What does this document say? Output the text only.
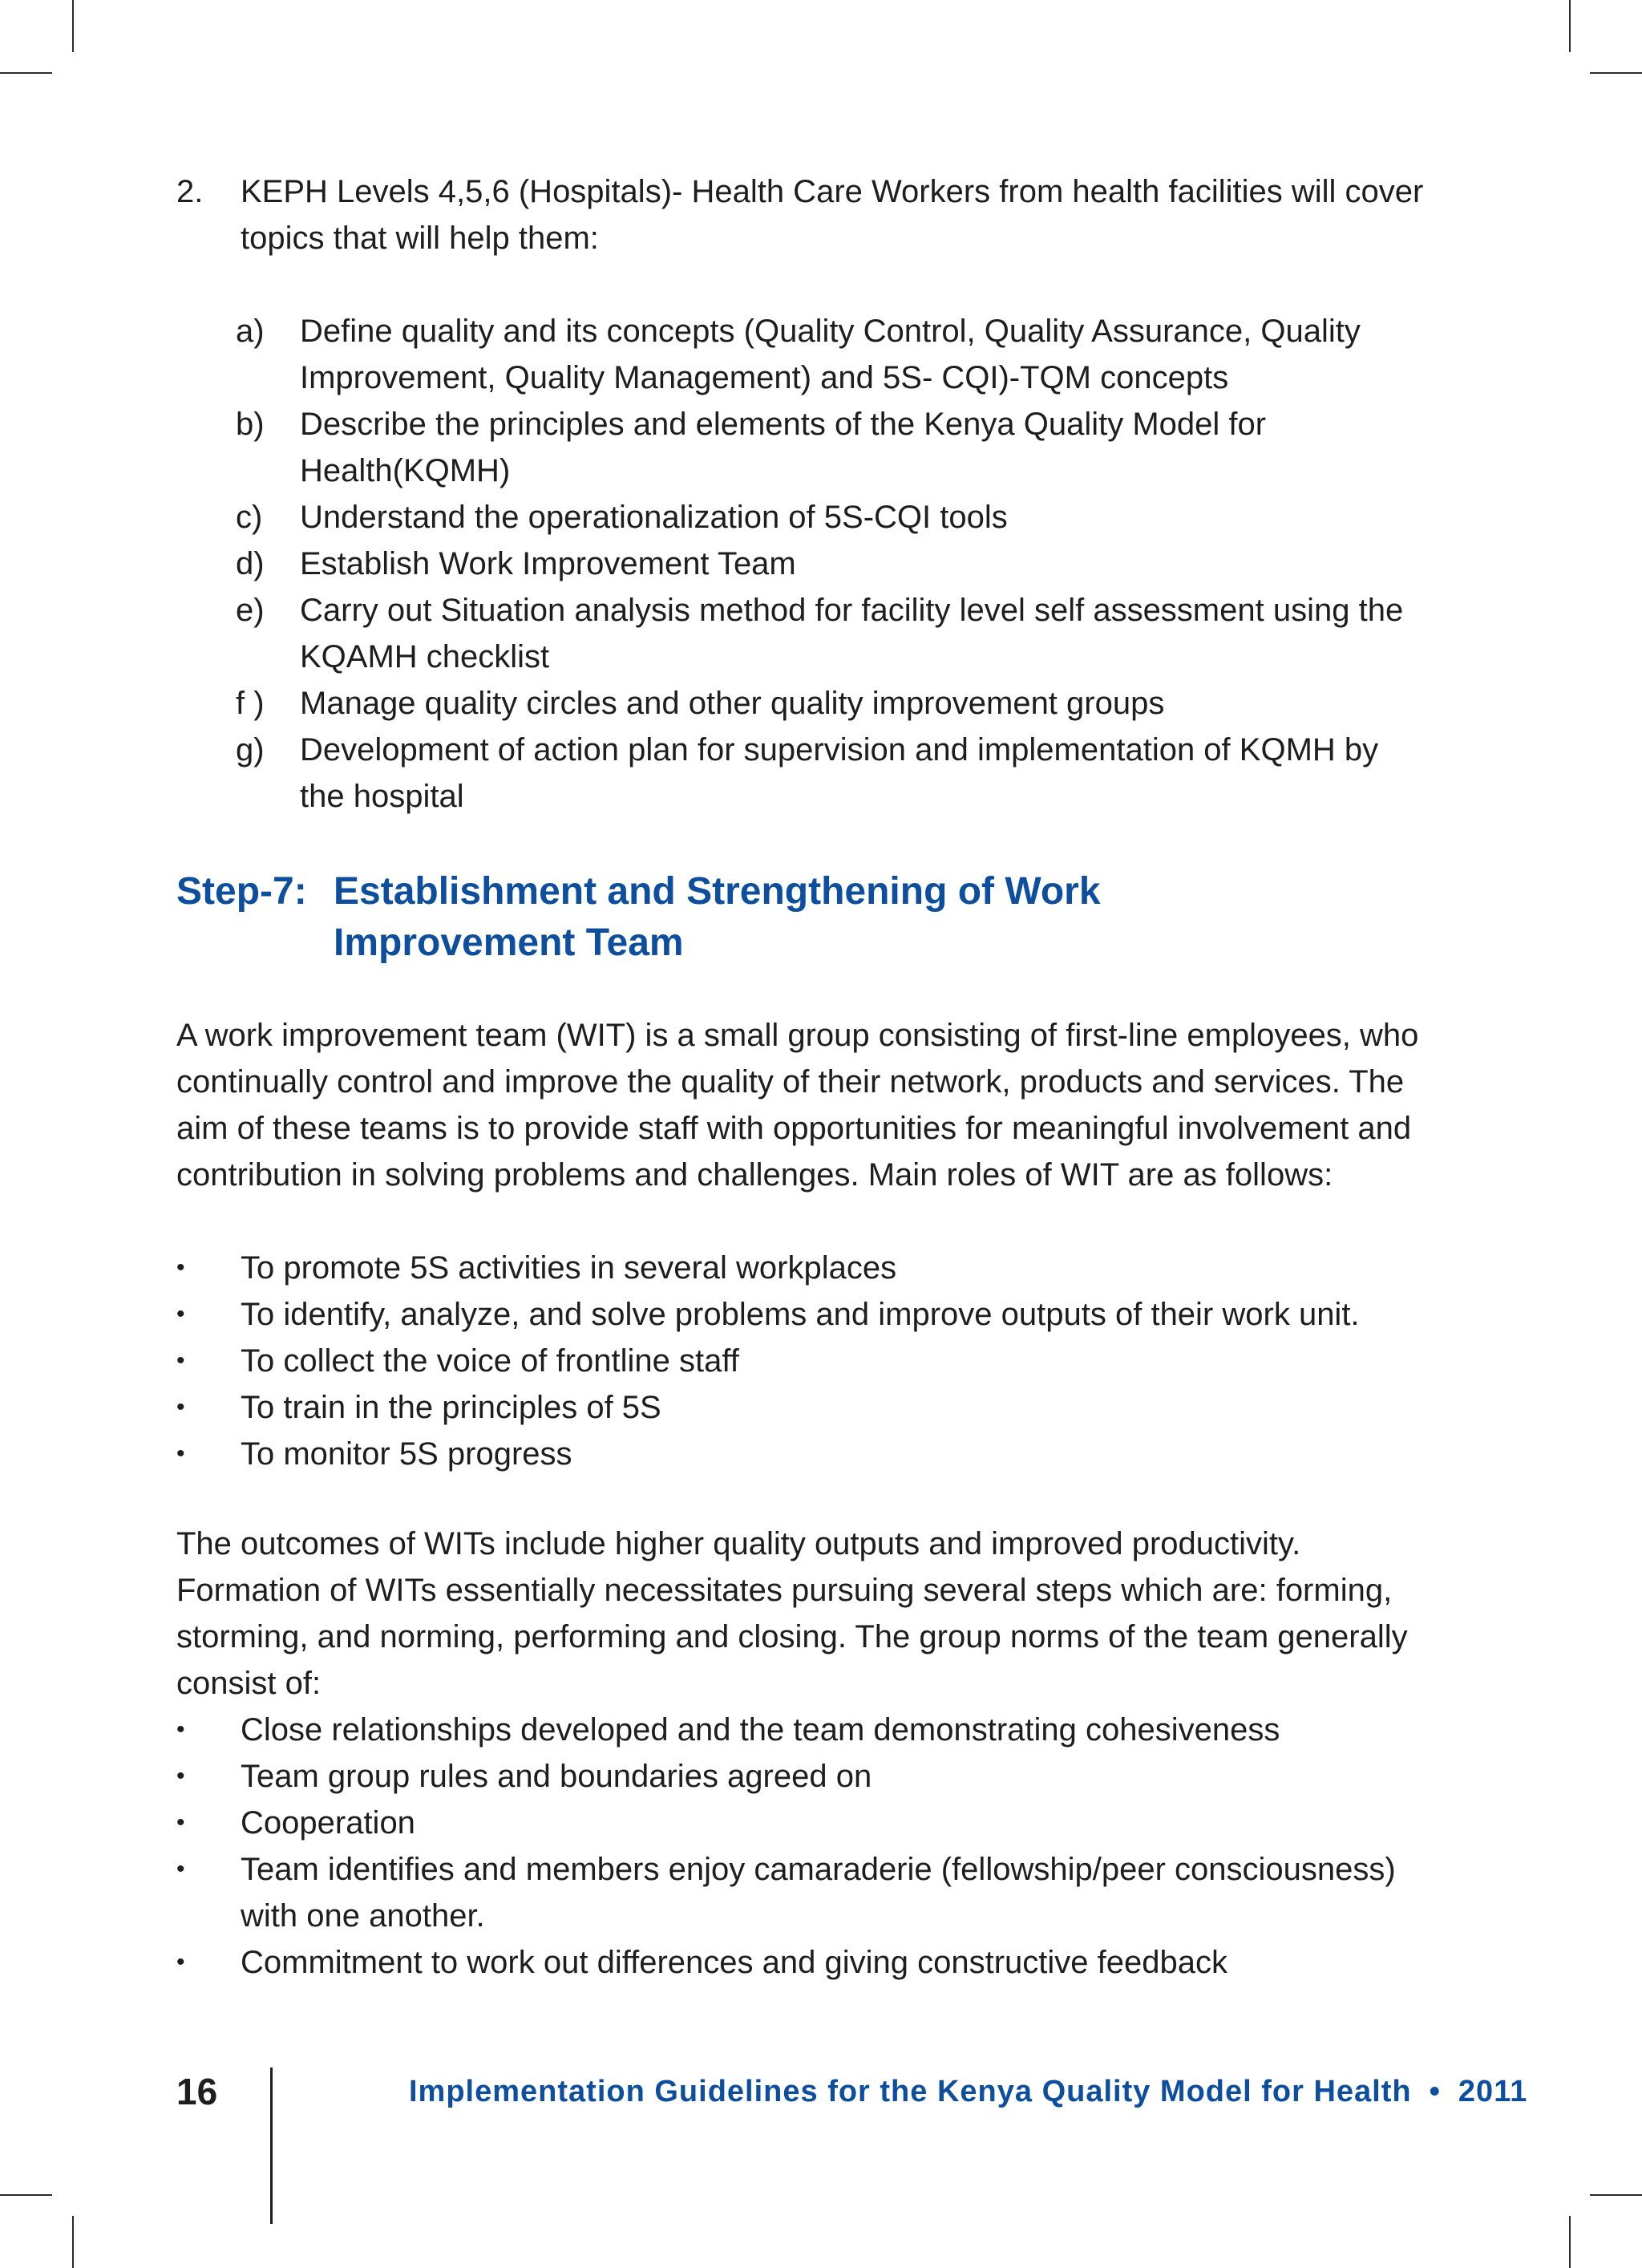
2.	KEPH Levels 4,5,6 (Hospitals)- Health Care Workers from health facilities will cover topics that will help them:
a)	Define quality and its concepts (Quality Control, Quality Assurance, Quality Improvement, Quality Management) and 5S- CQI)-TQM concepts
b)	Describe the principles and elements of the Kenya Quality Model for Health(KQMH)
c)	Understand the operationalization of 5S-CQI tools
d)	Establish Work Improvement Team
e)	Carry out Situation analysis method for facility level self assessment using the KQAMH checklist
f )	Manage quality circles and other quality improvement groups
g)	Development of action plan for supervision and implementation of KQMH by the hospital
Step-7: Establishment and Strengthening of Work Improvement Team
A work improvement team (WIT) is a small group consisting of first-line employees, who continually control and improve the quality of their network, products and services. The aim of these teams is to provide staff with opportunities for meaningful involvement and contribution in solving problems and challenges. Main roles of WIT are as follows:
•	To promote 5S activities in several workplaces
•	To identify, analyze, and solve problems and improve outputs of their work unit.
•	To collect the voice of frontline staff
•	To train in the principles of 5S
•	To monitor 5S progress
The outcomes of WITs include higher quality outputs and improved productivity. Formation of WITs essentially necessitates pursuing several steps which are: forming, storming, and norming, performing and closing. The group norms of the team generally consist of:
•	Close relationships developed and the team demonstrating cohesiveness
•	Team group rules and boundaries agreed on
•	Cooperation
•	Team identifies and members enjoy camaraderie (fellowship/peer consciousness) with one another.
•	Commitment to work out differences and giving constructive feedback
16	Implementation Guidelines for the Kenya Quality Model for Health • 2011
